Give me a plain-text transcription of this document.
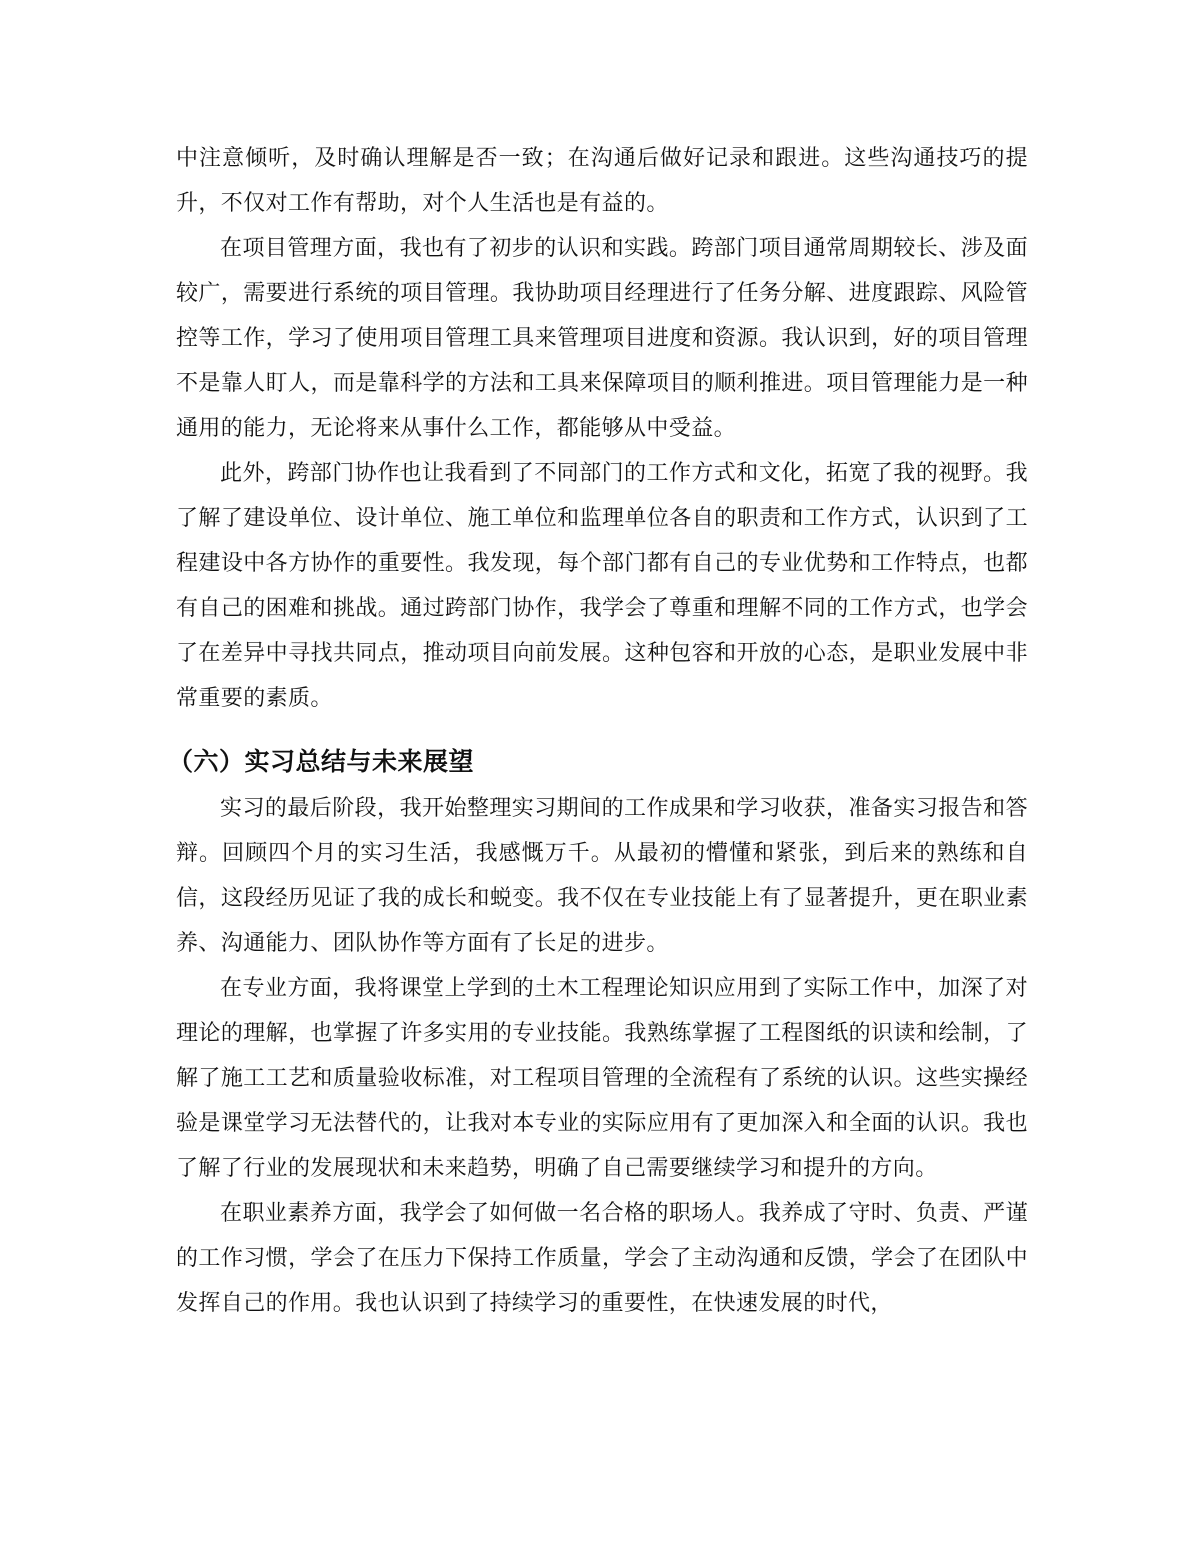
中注意倾听，及时确认理解是否一致；在沟通后做好记录和跟进。这些沟通技巧的提升，不仅对工作有帮助，对个人生活也是有益的。

在项目管理方面，我也有了初步的认识和实践。跨部门项目通常周期较长、涉及面较广，需要进行系统的项目管理。我协助项目经理进行了任务分解、进度跟踪、风险管控等工作，学习了使用项目管理工具来管理项目进度和资源。我认识到，好的项目管理不是靠人盯人，而是靠科学的方法和工具来保障项目的顺利推进。项目管理能力是一种通用的能力，无论将来从事什么工作，都能够从中受益。

此外，跨部门协作也让我看到了不同部门的工作方式和文化，拓宽了我的视野。我了解了建设单位、设计单位、施工单位和监理单位各自的职责和工作方式，认识到了工程建设中各方协作的重要性。我发现，每个部门都有自己的专业优势和工作特点，也都有自己的困难和挑战。通过跨部门协作，我学会了尊重和理解不同的工作方式，也学会了在差异中寻找共同点，推动项目向前发展。这种包容和开放的心态，是职业发展中非常重要的素质。

（六）实习总结与未来展望

实习的最后阶段，我开始整理实习期间的工作成果和学习收获，准备实习报告和答辩。回顾四个月的实习生活，我感慨万千。从最初的懵懂和紧张，到后来的熟练和自信，这段经历见证了我的成长和蜕变。我不仅在专业技能上有了显著提升，更在职业素养、沟通能力、团队协作等方面有了长足的进步。

在专业方面，我将课堂上学到的土木工程理论知识应用到了实际工作中，加深了对理论的理解，也掌握了许多实用的专业技能。我熟练掌握了工程图纸的识读和绘制，了解了施工工艺和质量验收标准，对工程项目管理的全流程有了系统的认识。这些实操经验是课堂学习无法替代的，让我对本专业的实际应用有了更加深入和全面的认识。我也了解了行业的发展现状和未来趋势，明确了自己需要继续学习和提升的方向。

在职业素养方面，我学会了如何做一名合格的职场人。我养成了守时、负责、严谨的工作习惯，学会了在压力下保持工作质量，学会了主动沟通和反馈，学会了在团队中发挥自己的作用。我也认识到了持续学习的重要性，在快速发展的时代，
